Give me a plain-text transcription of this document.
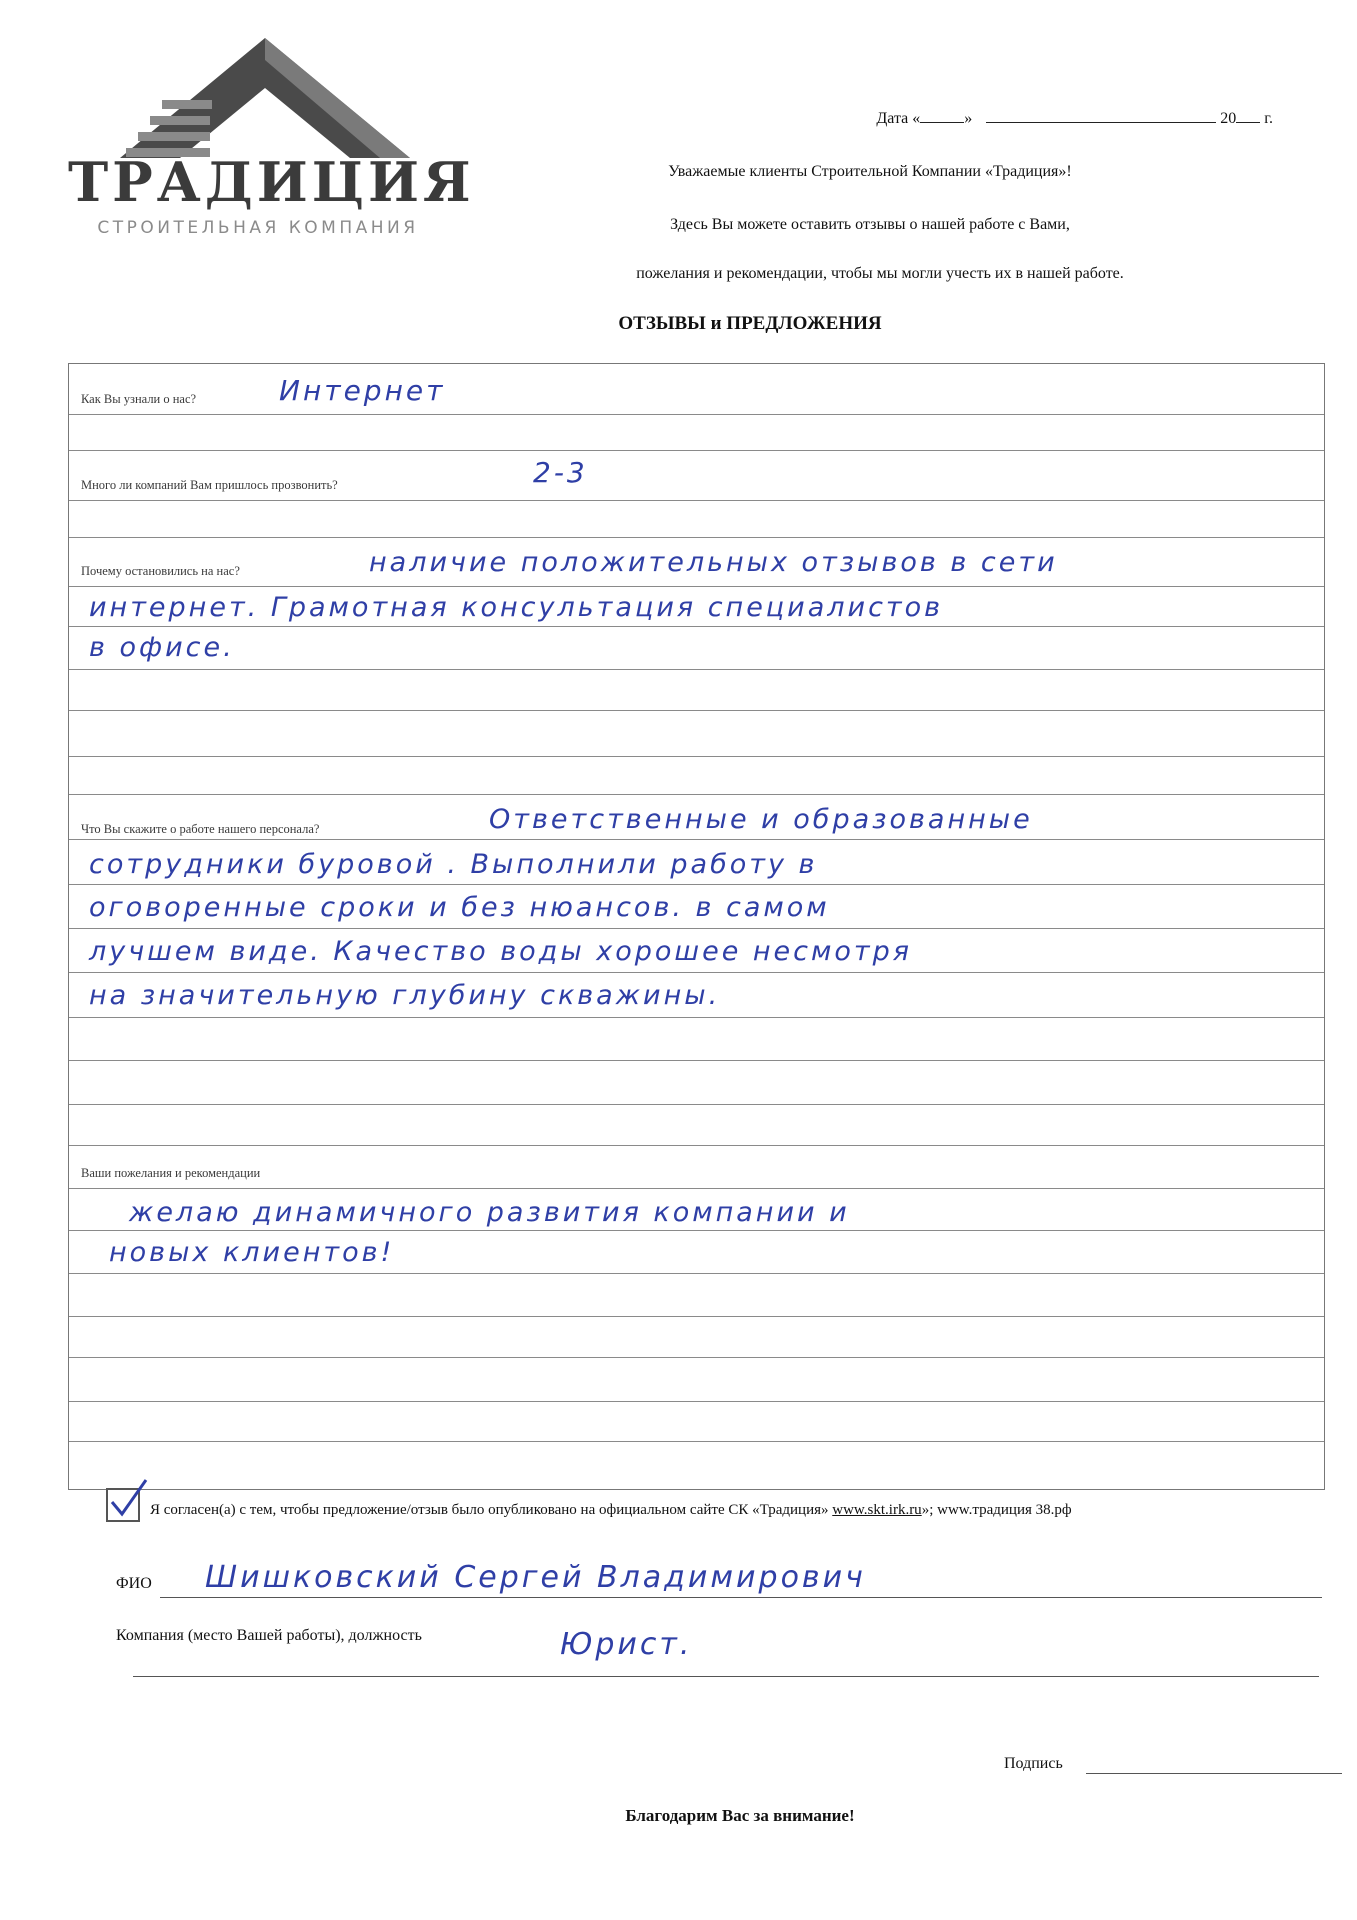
ТРАДИЦИЯ
СТРОИТЕЛЬНАЯ КОМПАНИЯ
Дата «	»	20 г.
Уважаемые клиенты Строительной Компании «Традиция»!
Здесь Вы можете оставить отзывы о нашей работе с Вами,
пожелания и рекомендации, чтобы мы могли учесть их в нашей работе.
ОТЗЫВЫ и ПРЕДЛОЖЕНИЯ
Как Вы узнали о нас?	Интернет
Много ли компаний Вам пришлось прозвонить?	2-3
Почему остановились на нас?	наличие положительных отзывов в сети
интернет. Грамотная консультация специалистов
в офисе.
Что Вы скажите о работе нашего персонала?	Ответственные и образованные
сотрудники буровой . Выполнили работу в
оговоренные сроки и без нюансов. в самом
лучшем виде. Качество воды хорошее несмотря
на значительную глубину скважины.
Ваши пожелания и рекомендации
желаю динамичного развития компании и
новых клиентов!
Я согласен(а) с тем, чтобы предложение/отзыв было опубликовано на официальном сайте СК «Традиция» www.skt.irk.ru»; www.традиция 38.рф
ФИО Шишковский Сергей Владимирович
Компания (место Вашей работы), должность	Юрист.
Подпись
Благодарим Вас за внимание!
